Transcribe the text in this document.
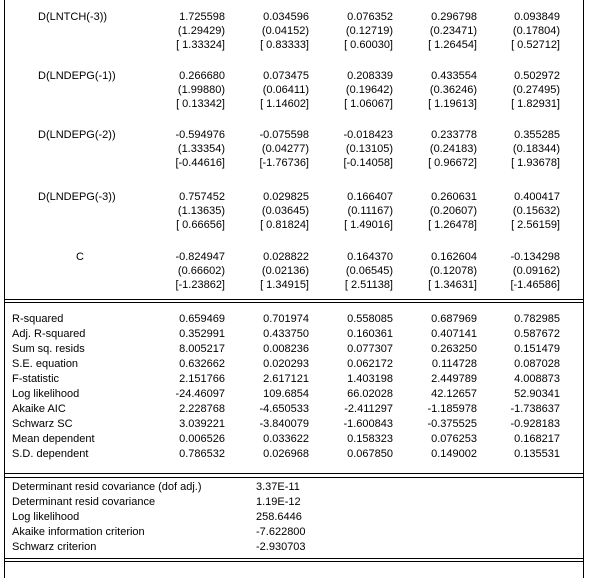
D(LNTCH(-3))	1.725598	0.034596	0.076352	0.296798	0.093849
(1.29429)	(0.04152)	(0.12719)	(0.23471)	(0.17804)
[ 1.33324]	[ 0.83333]	[ 0.60030]	[ 1.26454]	[ 0.52712]
D(LNDEPG(-1))	0.266680	0.073475	0.208339	0.433554	0.502972
(1.99880)	(0.06411)	(0.19642)	(0.36246)	(0.27495)
[ 0.13342]	[ 1.14602]	[ 1.06067]	[ 1.19613]	[ 1.82931]
D(LNDEPG(-2))	-0.594976	-0.075598	-0.018423	0.233778	0.355285
(1.33354)	(0.04277)	(0.13105)	(0.24183)	(0.18344)
[-0.44616]	[-1.76736]	[-0.14058]	[ 0.96672]	[ 1.93678]
D(LNDEPG(-3))	0.757452	0.029825	0.166407	0.260631	0.400417
(1.13635)	(0.03645)	(0.11167)	(0.20607)	(0.15632)
[ 0.66656]	[ 0.81824]	[ 1.49016]	[ 1.26478]	[ 2.56159]
C	-0.824947	0.028822	0.164370	0.162604	-0.134298
(0.66602)	(0.02136)	(0.06545)	(0.12078)	(0.09162)
[-1.23862]	[ 1.34915]	[ 2.51138]	[ 1.34631]	[-1.46586]
R-squared	0.659469	0.701974	0.558085	0.687969	0.782985
Adj. R-squared	0.352991	0.433750	0.160361	0.407141	0.587672
Sum sq. resids	8.005217	0.008236	0.077307	0.263250	0.151479
S.E. equation	0.632662	0.020293	0.062172	0.114728	0.087028
F-statistic	2.151766	2.617121	1.403198	2.449789	4.008873
Log likelihood	-24.46097	109.6854	66.02028	42.12657	52.90341
Akaike AIC	2.228768	-4.650533	-2.411297	-1.185978	-1.738637
Schwarz SC	3.039221	-3.840079	-1.600843	-0.375525	-0.928183
Mean dependent	0.006526	0.033622	0.158323	0.076253	0.168217
S.D. dependent	0.786532	0.026968	0.067850	0.149002	0.135531
Determinant resid covariance (dof adj.)	3.37E-11
Determinant resid covariance	1.19E-12
Log likelihood	258.6446
Akaike information criterion	-7.622800
Schwarz criterion	-2.930703
